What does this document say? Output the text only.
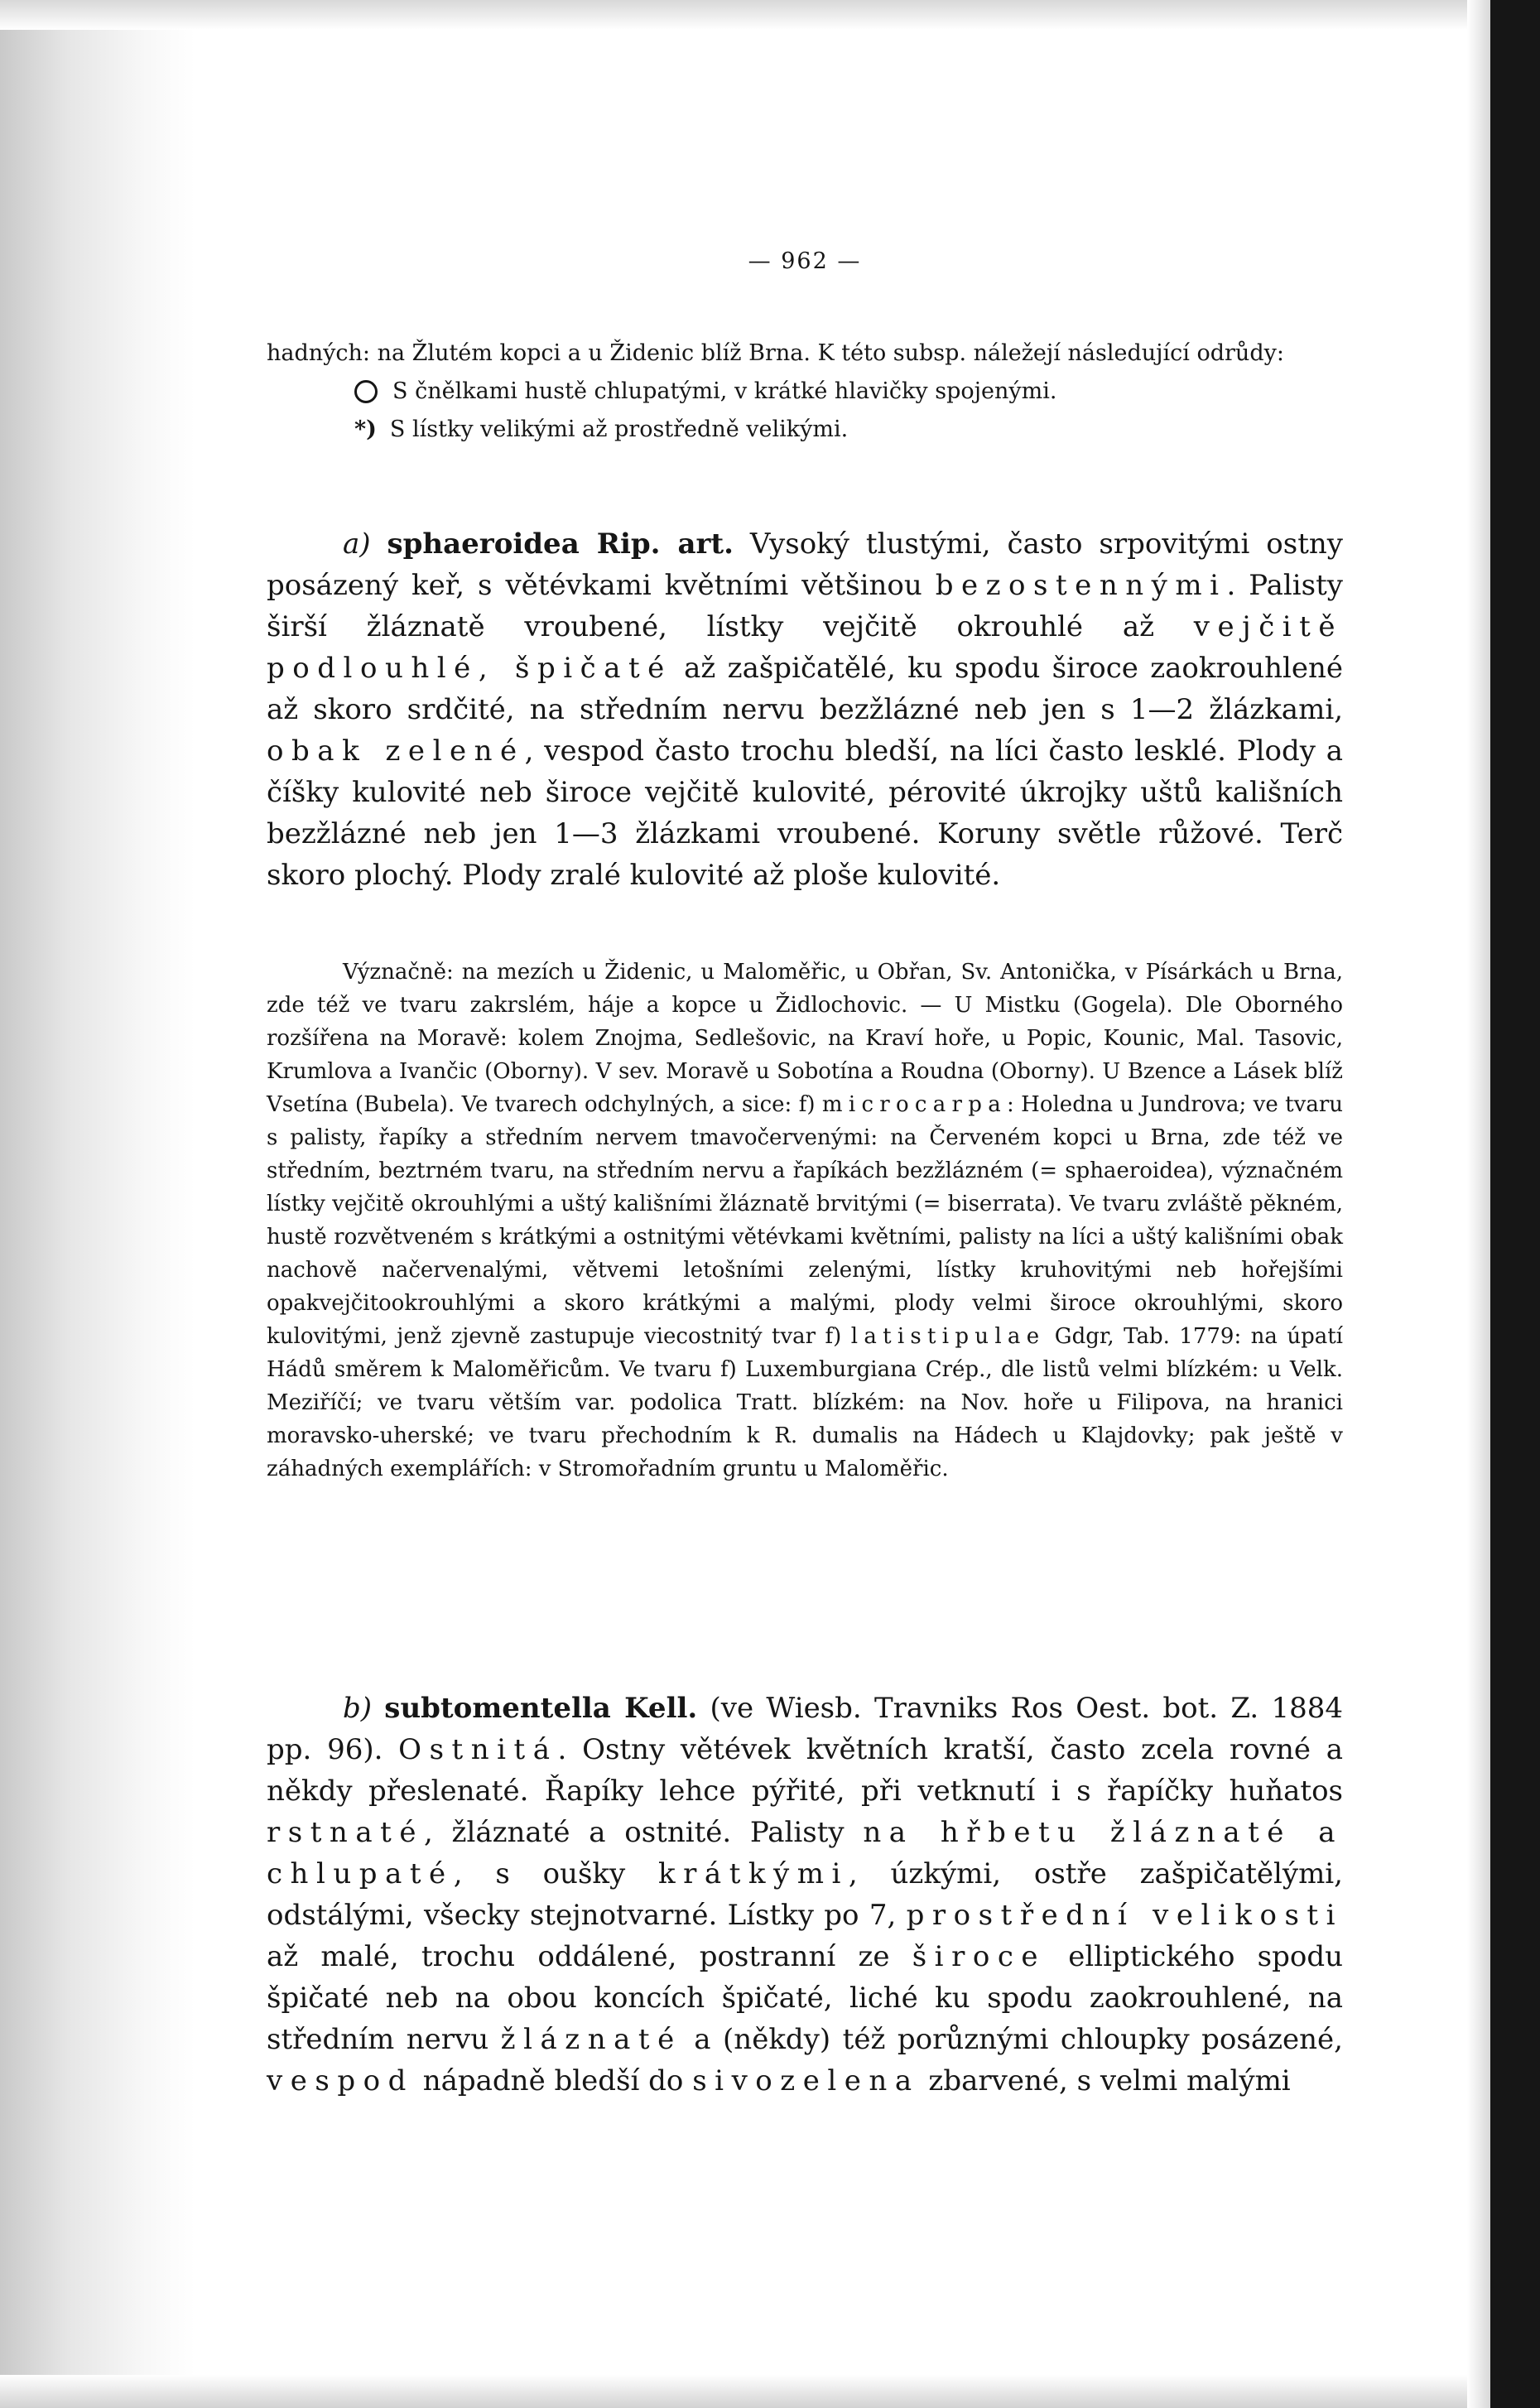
— 962 —

hadných: na Žlutém kopci a u Židenic blíž Brna. K této subsp. náležejí následující odrůdy:

S čnělkami hustě chlupatými, v krátké hlavičky spojenými.
*) S lístky velikými až prostředně velikými.

a) sphaeroidea Rip. art. Vysoký tlustými, často srpovitými ostny posázený keř, s větévkami květními většinou bezostennými. Palisty širší žláznatě vroubené, lístky vejčitě okrouhlé až vejčitě podlouhlé, špičaté až zašpičatělé, ku spodu široce zaokrouhlené až skoro srdčité, na středním nervu bezžlázné neb jen s 1—2 žlázkami, obak zelené, vespod často trochu bledší, na líci často lesklé. Plody a číšky kulovité neb široce vejčitě kulovité, pérovité úkrojky uštů kališních bezžlázné neb jen 1—3 žlázkami vroubené. Koruny světle růžové. Terč skoro plochý. Plody zralé kulovité až ploše kulovité.

Význačně: na mezích u Židenic, u Maloměřic, u Obřan, Sv. Antonička, v Písárkách u Brna, zde též ve tvaru zakrslém, háje a kopce u Židlochovic. — U Mistku (Gogela). Dle Oborného rozšířena na Moravě: kolem Znojma, Sedlešovic, na Kraví hoře, u Popic, Kounic, Mal. Tasovic, Krumlova a Ivančic (Oborny). V sev. Moravě u Sobotína a Roudna (Oborny). U Bzence a Lásek blíž Vsetína (Bubela). Ve tvarech odchylných, a sice: f) microcarpa: Holedna u Jundrova; ve tvaru s palisty, řapíky a středním nervem tmavočervenými: na Červeném kopci u Brna, zde též ve středním, beztrném tvaru, na středním nervu a řapíkách bezžlázném (= sphaeroidea), význačném lístky vejčitě okrouhlými a uštý kališními žláznatě brvitými (= biserrata). Ve tvaru zvláště pěkném, hustě rozvětveném s krátkými a ostnitými větévkami květními, palisty na líci a uštý kališními obak nachově načervenalými, větvemi letošními zelenými, lístky kruhovitými neb hořejšími opakvejčitookrouhlými a skoro krátkými a malými, plody velmi široce okrouhlými, skoro kulovitými, jenž zjevně zastupuje viecostnitý tvar f) latistipulae Gdgr, Tab. 1779: na úpatí Hádů směrem k Maloměřicům. Ve tvaru f) Luxemburgiana Crép., dle listů velmi blízkém: u Velk. Meziříčí; ve tvaru větším var. podolica Tratt. blízkém: na Nov. hoře u Filipova, na hranici moravsko-uherské; ve tvaru přechodním k R. dumalis na Hádech u Klajdovky; pak ještě v záhadných exemplářích: v Stromořadním gruntu u Maloměřic.

b) subtomentella Kell. (ve Wiesb. Travniks Ros Oest. bot. Z. 1884 pp. 96). Ostnitá. Ostny větévek květních kratší, často zcela rovné a někdy přeslenaté. Řapíky lehce pýřité, při vetknutí i s řapíčky huňatos rstnaté, žláznaté a ostnité. Palisty na hřbetu žláznaté a chlupaté, s oušky krátkými, úzkými, ostře zašpičatělými, odstálými, všecky stejnotvarné. Lístky po 7, prostřední velikosti až malé, trochu oddálené, postranní ze široce elliptického spodu špičaté neb na obou koncích špičaté, liché ku spodu zaokrouhlené, na středním nervu žláznaté a (někdy) též porůznými chloupky posázené, vespod nápadně bledší do sivozelena zbarvené, s velmi malými
